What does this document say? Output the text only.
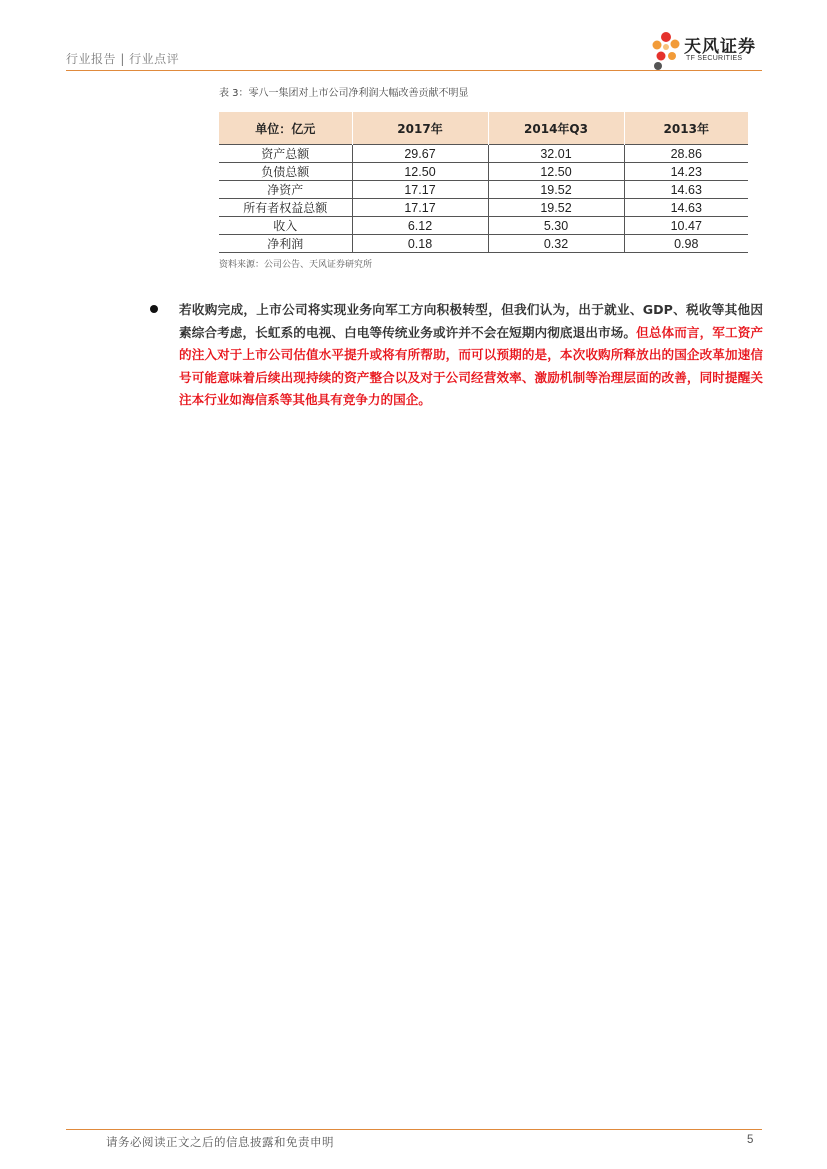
行业报告 | 行业点评
天风证券
TF SECURITIES
表 3：零八一集团对上市公司净利润大幅改善贡献不明显
单位：亿元	2017年	2014年Q3	2013年
资产总额	29.67	32.01	28.86
负债总额	12.50	12.50	14.23
净资产	17.17	19.52	14.63
所有者权益总额	17.17	19.52	14.63
收入	6.12	5.30	10.47
净利润	0.18	0.32	0.98
资料来源：公司公告、天风证券研究所
若收购完成，上市公司将实现业务向军工方向积极转型，但我们认为，出于就业、GDP、税收等其他因素综合考虑，长虹系的电视、白电等传统业务或许并不会在短期内彻底退出市场。但总体而言，军工资产的注入对于上市公司估值水平提升或将有所帮助，而可以预期的是，本次收购所释放出的国企改革加速信号可能意味着后续出现持续的资产整合以及对于公司经营效率、激励机制等治理层面的改善，同时提醒关注本行业如海信系等其他具有竞争力的国企。
请务必阅读正文之后的信息披露和免责申明	5
